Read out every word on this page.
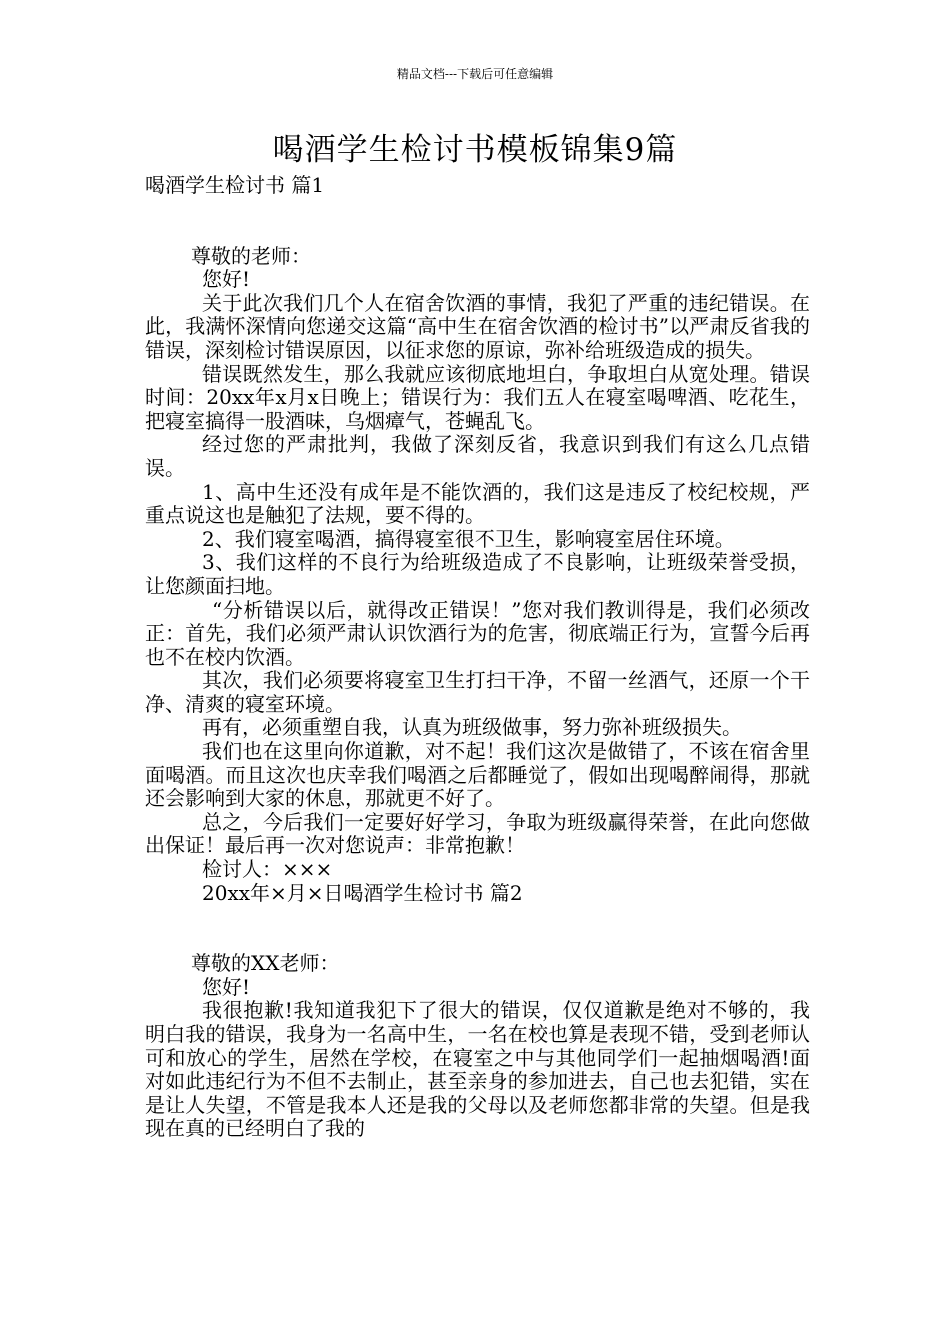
精品文档---下载后可任意编辑
喝酒学生检讨书模板锦集9篇

喝酒学生检讨书 篇1

尊敬的老师：

您好!

关于此次我们几个人在宿舍饮酒的事情，我犯了严重的违纪错误。在此，我满怀深情向您递交这篇“高中生在宿舍饮酒的检讨书”以严肃反省我的错误，深刻检讨错误原因，以征求您的原谅，弥补给班级造成的损失。

错误既然发生，那么我就应该彻底地坦白，争取坦白从宽处理。错误时间：20xx年x月x日晚上；错误行为：我们五人在寝室喝啤酒、吃花生，把寝室搞得一股酒味，乌烟瘴气，苍蝇乱飞。

经过您的严肃批判，我做了深刻反省，我意识到我们有这么几点错误。

1、高中生还没有成年是不能饮酒的，我们这是违反了校纪校规，严重点说这也是触犯了法规，要不得的。

2、我们寝室喝酒，搞得寝室很不卫生，影响寝室居住环境。

3、我们这样的不良行为给班级造成了不良影响，让班级荣誉受损，让您颜面扫地。

“分析错误以后，就得改正错误！”您对我们教训得是，我们必须改正：首先，我们必须严肃认识饮酒行为的危害，彻底端正行为，宣誓今后再也不在校内饮酒。

其次，我们必须要将寝室卫生打扫干净，不留一丝酒气，还原一个干净、清爽的寝室环境。

再有，必须重塑自我，认真为班级做事，努力弥补班级损失。

我们也在这里向你道歉，对不起！我们这次是做错了，不该在宿舍里面喝酒。而且这次也庆幸我们喝酒之后都睡觉了，假如出现喝醉闹得，那就还会影响到大家的休息，那就更不好了。

总之，今后我们一定要好好学习，争取为班级赢得荣誉，在此向您做出保证！最后再一次对您说声：非常抱歉！

检讨人：×××

20xx年×月×日喝酒学生检讨书 篇2

尊敬的XX老师：

您好!

我很抱歉!我知道我犯下了很大的错误，仅仅道歉是绝对不够的，我明白我的错误，我身为一名高中生，一名在校也算是表现不错，受到老师认可和放心的学生，居然在学校，在寝室之中与其他同学们一起抽烟喝酒!面对如此违纪行为不但不去制止，甚至亲身的参加进去，自己也去犯错，实在是让人失望，不管是我本人还是我的父母以及老师您都非常的失望。但是我现在真的已经明白了我的
